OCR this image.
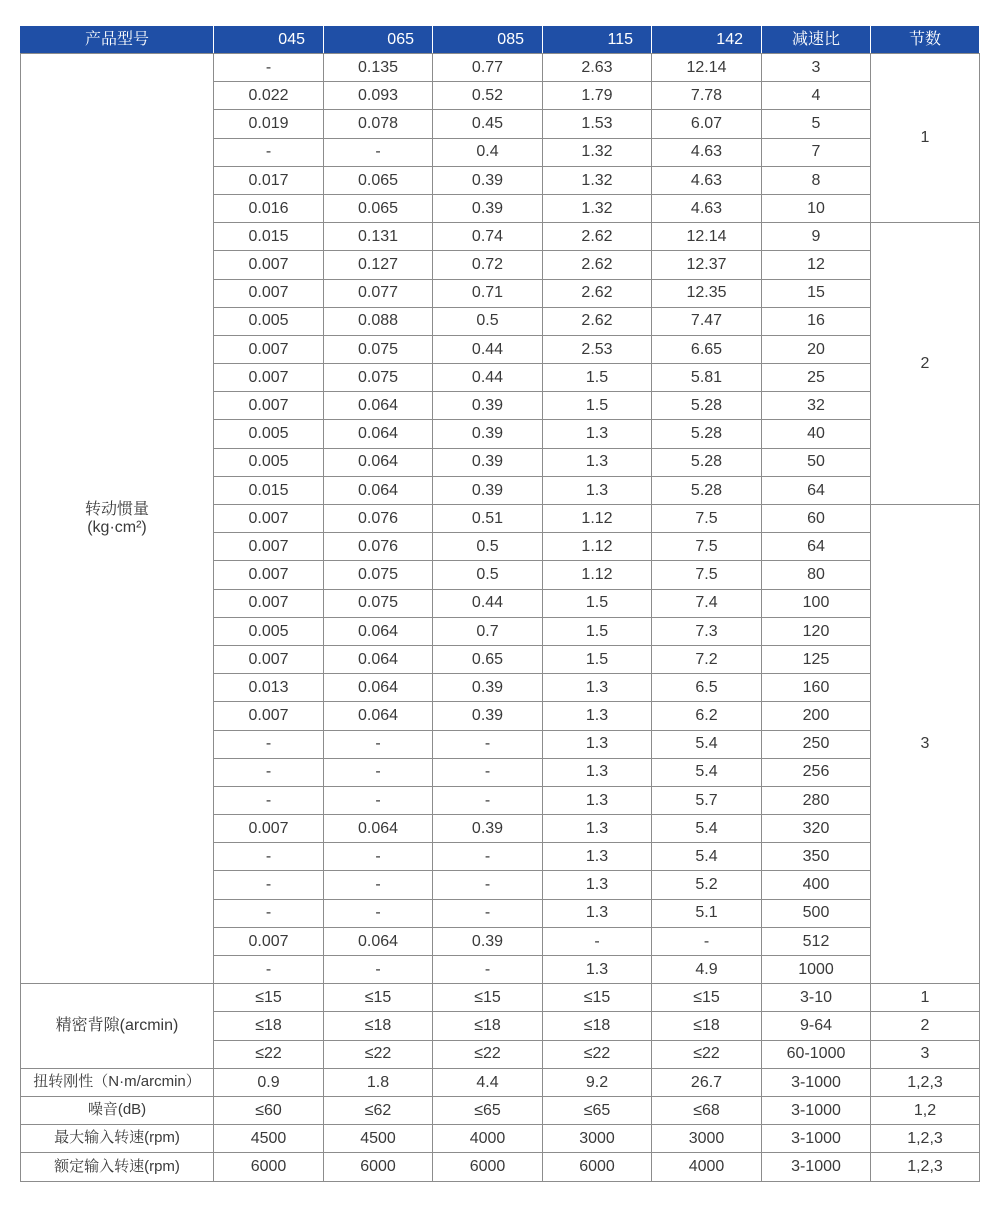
产品型号	045	065	085	115	142	减速比	节数

转动惯量
(kg·cm²)	-	0.135	0.77	2.63	12.14	3	1
	0.022	0.093	0.52	1.79	7.78	4	
	0.019	0.078	0.45	1.53	6.07	5	
	-	-	0.4	1.32	4.63	7	
	0.017	0.065	0.39	1.32	4.63	8	
	0.016	0.065	0.39	1.32	4.63	10	
	0.015	0.131	0.74	2.62	12.14	9	2
	0.007	0.127	0.72	2.62	12.37	12	
	0.007	0.077	0.71	2.62	12.35	15	
	0.005	0.088	0.5	2.62	7.47	16	
	0.007	0.075	0.44	2.53	6.65	20	
	0.007	0.075	0.44	1.5	5.81	25	
	0.007	0.064	0.39	1.5	5.28	32	
	0.005	0.064	0.39	1.3	5.28	40	
	0.005	0.064	0.39	1.3	5.28	50	
	0.015	0.064	0.39	1.3	5.28	64	
	0.007	0.076	0.51	1.12	7.5	60	3
	0.007	0.076	0.5	1.12	7.5	64	
	0.007	0.075	0.5	1.12	7.5	80	
	0.007	0.075	0.44	1.5	7.4	100	
	0.005	0.064	0.7	1.5	7.3	120	
	0.007	0.064	0.65	1.5	7.2	125	
	0.013	0.064	0.39	1.3	6.5	160	
	0.007	0.064	0.39	1.3	6.2	200	
	-	-	-	1.3	5.4	250	
	-	-	-	1.3	5.4	256	
	-	-	-	1.3	5.7	280	
	0.007	0.064	0.39	1.3	5.4	320	
	-	-	-	1.3	5.4	350	
	-	-	-	1.3	5.2	400	
	-	-	-	1.3	5.1	500	
	0.007	0.064	0.39	-	-	512	
	-	-	-	1.3	4.9	1000	
精密背隙(arcmin)	≤15	≤15	≤15	≤15	≤15	3-10	1
	≤18	≤18	≤18	≤18	≤18	9-64	2
	≤22	≤22	≤22	≤22	≤22	60-1000	3
扭转刚性（N·m/arcmin）	0.9	1.8	4.4	9.2	26.7	3-1000	1,2,3
噪音(dB)	≤60	≤62	≤65	≤65	≤68	3-1000	1,2
最大输入转速(rpm)	4500	4500	4000	3000	3000	3-1000	1,2,3
额定输入转速(rpm)	6000	6000	6000	6000	4000	3-1000	1,2,3
